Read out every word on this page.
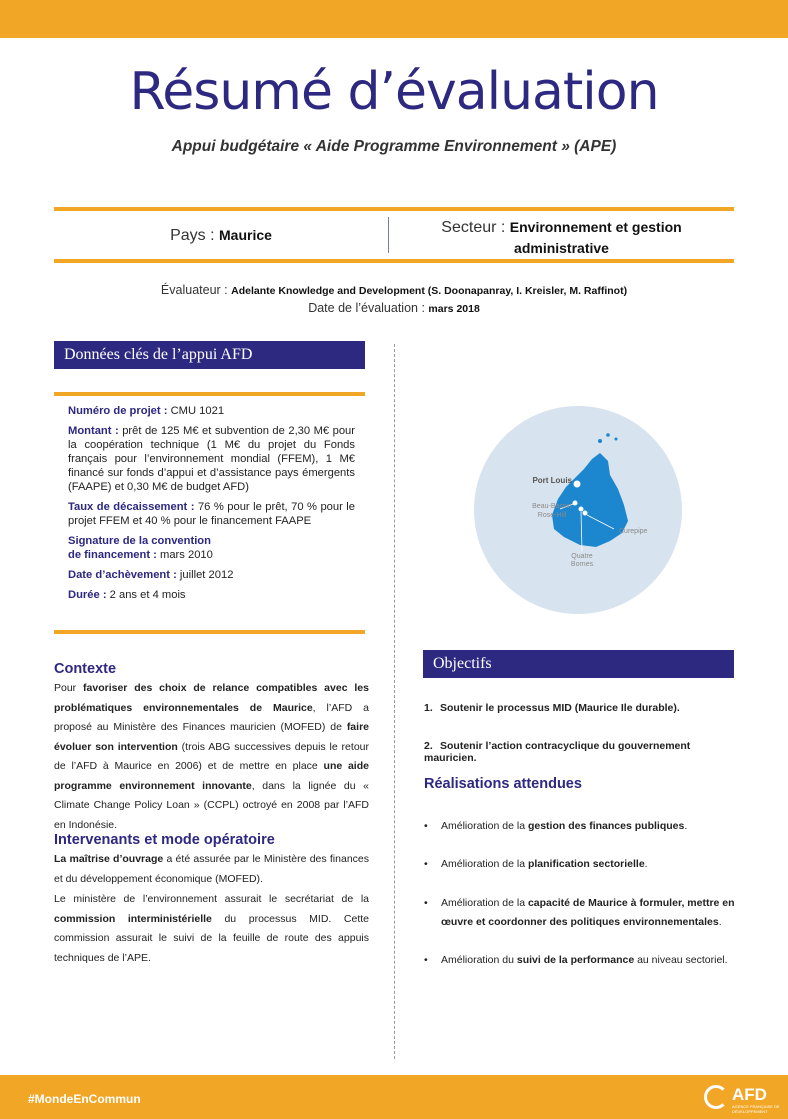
Résumé d’évaluation
Appui budgétaire « Aide Programme Environnement » (APE)
Pays : Maurice	Secteur : Environnement et gestion
administrative
Évaluateur : Adelante Knowledge and Development (S. Doonapanray, I. Kreisler, M. Raffinot)
Date de l’évaluation : mars 2018
Données clés de l’appui AFD
Numéro de projet : CMU 1021
Montant : prêt de 125 M€ et subvention de 2,30 M€ pour la coopération technique (1 M€ du projet du Fonds français pour l’environnement mondial (FFEM), 1 M€ financé sur fonds d’appui et d’assistance pays émergents (FAAPE) et 0,30 M€ de budget AFD)
Taux de décaissement : 76 % pour le prêt, 70 % pour le projet FFEM et 40 % pour le financement FAAPE
Signature de la convention
de financement : mars 2010
Date d’achèvement : juillet 2012
Durée : 2 ans et 4 mois
Port Louis
Beau-Bassin
Rose-Hill
Curepipe
Quatre
Bornes
Contexte
Pour favoriser des choix de relance compatibles avec les problématiques environnementales de Maurice, l’AFD a proposé au Ministère des Finances mauricien (MOFED) de faire évoluer son intervention (trois ABG successives depuis le retour de l’AFD à Maurice en 2006) et de mettre en place une aide programme environnement innovante, dans la lignée du « Climate Change Policy Loan » (CCPL) octroyé en 2008 par l’AFD en Indonésie.
Intervenants et mode opératoire
La maîtrise d’ouvrage a été assurée par le Ministère des finances et du développement économique (MOFED).
Le ministère de l’environnement assurait le secrétariat de la commission interministérielle du processus MID. Cette commission assurait le suivi de la feuille de route des appuis techniques de l’APE.
Objectifs
1. Soutenir le processus MID (Maurice Ile durable).
2. Soutenir l’action contracyclique du gouvernement mauricien.
Réalisations attendues
• Amélioration de la gestion des finances publiques.
• Amélioration de la planification sectorielle.
• Amélioration de la capacité de Maurice à formuler, mettre en œuvre et coordonner des politiques environnementales.
• Amélioration du suivi de la performance au niveau sectoriel.
#MondeEnCommun	AFD
AGENCE FRANÇAISE DE DÉVELOPPEMENT
